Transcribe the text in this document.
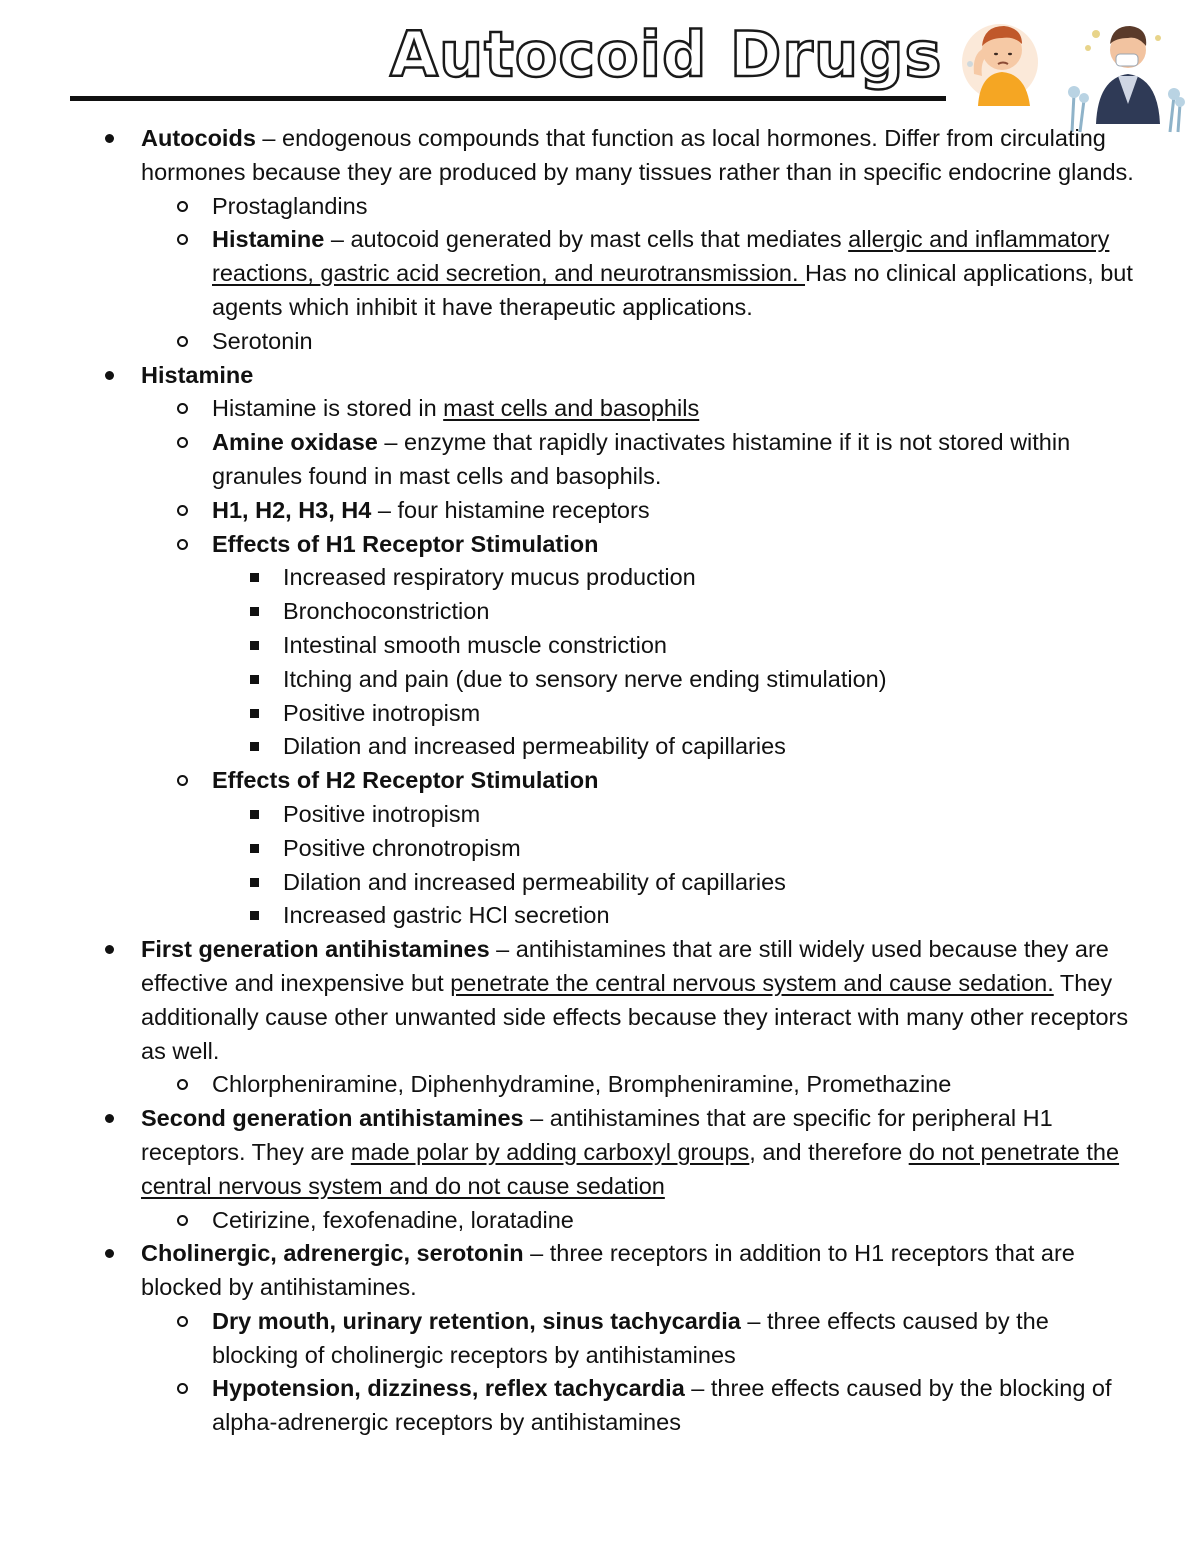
Autocoid Drugs
Autocoids – endogenous compounds that function as local hormones. Differ from circulating hormones because they are produced by many tissues rather than in specific endocrine glands.
Prostaglandins
Histamine – autocoid generated by mast cells that mediates allergic and inflammatory reactions, gastric acid secretion, and neurotransmission. Has no clinical applications, but agents which inhibit it have therapeutic applications.
Serotonin
Histamine
Histamine is stored in mast cells and basophils
Amine oxidase – enzyme that rapidly inactivates histamine if it is not stored within granules found in mast cells and basophils.
H1, H2, H3, H4 – four histamine receptors
Effects of H1 Receptor Stimulation
Increased respiratory mucus production
Bronchoconstriction
Intestinal smooth muscle constriction
Itching and pain (due to sensory nerve ending stimulation)
Positive inotropism
Dilation and increased permeability of capillaries
Effects of H2 Receptor Stimulation
Positive inotropism
Positive chronotropism
Dilation and increased permeability of capillaries
Increased gastric HCl secretion
First generation antihistamines – antihistamines that are still widely used because they are effective and inexpensive but penetrate the central nervous system and cause sedation. They additionally cause other unwanted side effects because they interact with many other receptors as well.
Chlorpheniramine, Diphenhydramine, Brompheniramine, Promethazine
Second generation antihistamines – antihistamines that are specific for peripheral H1 receptors. They are made polar by adding carboxyl groups, and therefore do not penetrate the central nervous system and do not cause sedation
Cetirizine, fexofenadine, loratadine
Cholinergic, adrenergic, serotonin – three receptors in addition to H1 receptors that are blocked by antihistamines.
Dry mouth, urinary retention, sinus tachycardia – three effects caused by the blocking of cholinergic receptors by antihistamines
Hypotension, dizziness, reflex tachycardia – three effects caused by the blocking of alpha-adrenergic receptors by antihistamines
